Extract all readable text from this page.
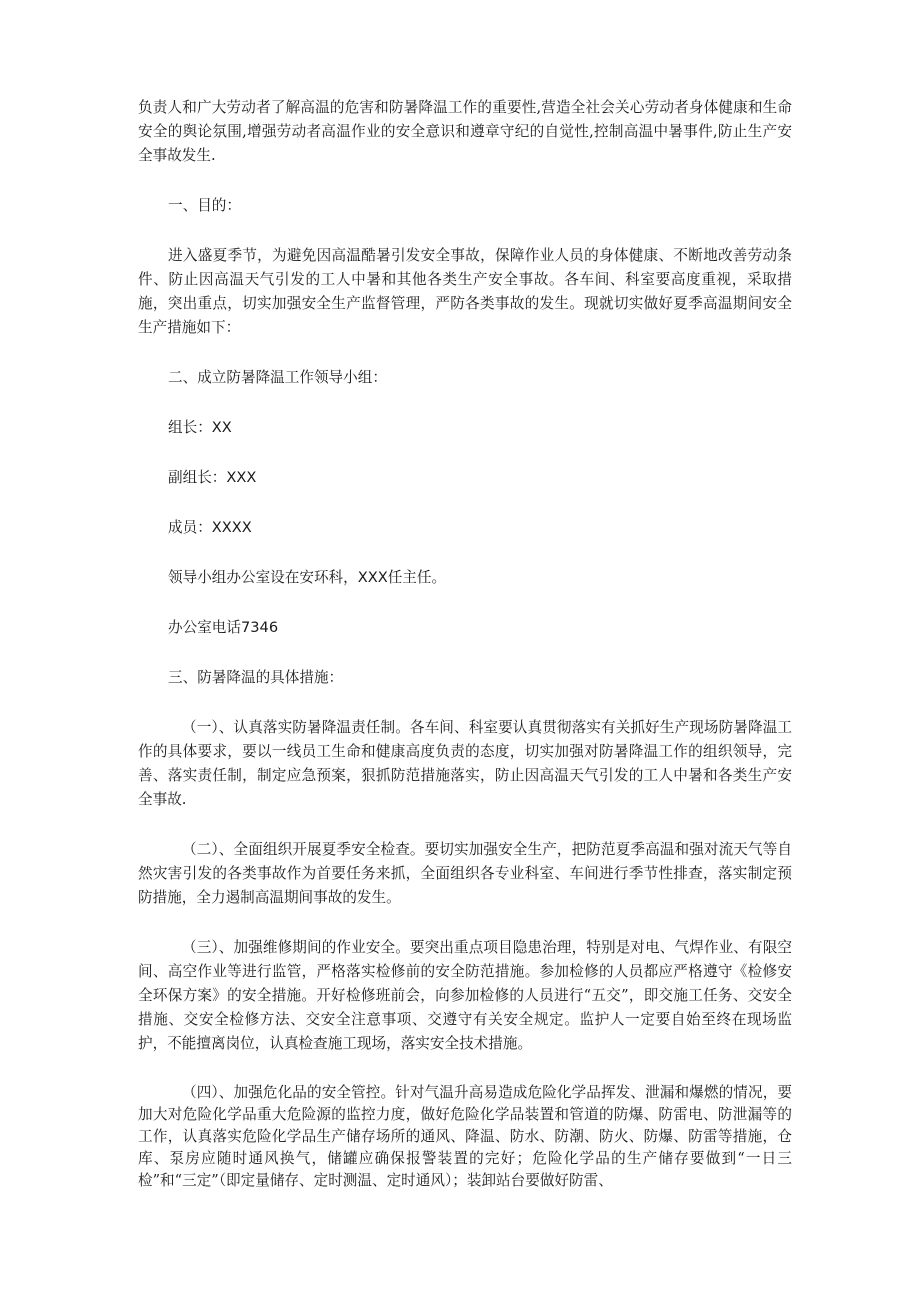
负责人和广大劳动者了解高温的危害和防暑降温工作的重要性,营造全社会关心劳动者身体健康和生命安全的舆论氛围,增强劳动者高温作业的安全意识和遵章守纪的自觉性,控制高温中暑事件,防止生产安全事故发生.

一、目的：

进入盛夏季节，为避免因高温酷暑引发安全事故，保障作业人员的身体健康、不断地改善劳动条件、防止因高温天气引发的工人中暑和其他各类生产安全事故。各车间、科室要高度重视，采取措施，突出重点，切实加强安全生产监督管理，严防各类事故的发生。现就切实做好夏季高温期间安全生产措施如下：

二、成立防暑降温工作领导小组：

组长：XX

副组长：XXX

成员：XXXX

领导小组办公室设在安环科，XXX任主任。

办公室电话7346

三、防暑降温的具体措施：

（一）、认真落实防暑降温责任制。各车间、科室要认真贯彻落实有关抓好生产现场防暑降温工作的具体要求，要以一线员工生命和健康高度负责的态度，切实加强对防暑降温工作的组织领导，完善、落实责任制，制定应急预案，狠抓防范措施落实，防止因高温天气引发的工人中暑和各类生产安全事故.

（二）、全面组织开展夏季安全检查。要切实加强安全生产，把防范夏季高温和强对流天气等自然灾害引发的各类事故作为首要任务来抓，全面组织各专业科室、车间进行季节性排查，落实制定预防措施，全力遏制高温期间事故的发生。

（三）、加强维修期间的作业安全。要突出重点项目隐患治理，特别是对电、气焊作业、有限空间、高空作业等进行监管，严格落实检修前的安全防范措施。参加检修的人员都应严格遵守《检修安全环保方案》的安全措施。开好检修班前会，向参加检修的人员进行“五交”，即交施工任务、交安全措施、交安全检修方法、交安全注意事项、交遵守有关安全规定。监护人一定要自始至终在现场监护，不能擅离岗位，认真检查施工现场，落实安全技术措施。

（四）、加强危化品的安全管控。针对气温升高易造成危险化学品挥发、泄漏和爆燃的情况，要加大对危险化学品重大危险源的监控力度，做好危险化学品装置和管道的防爆、防雷电、防泄漏等的工作，认真落实危险化学品生产储存场所的通风、降温、防水、防潮、防火、防爆、防雷等措施，仓库、泵房应随时通风换气，储罐应确保报警装置的完好；危险化学品的生产储存要做到“一日三检”和“三定”（即定量储存、定时测温、定时通风）；装卸站台要做好防雷、
